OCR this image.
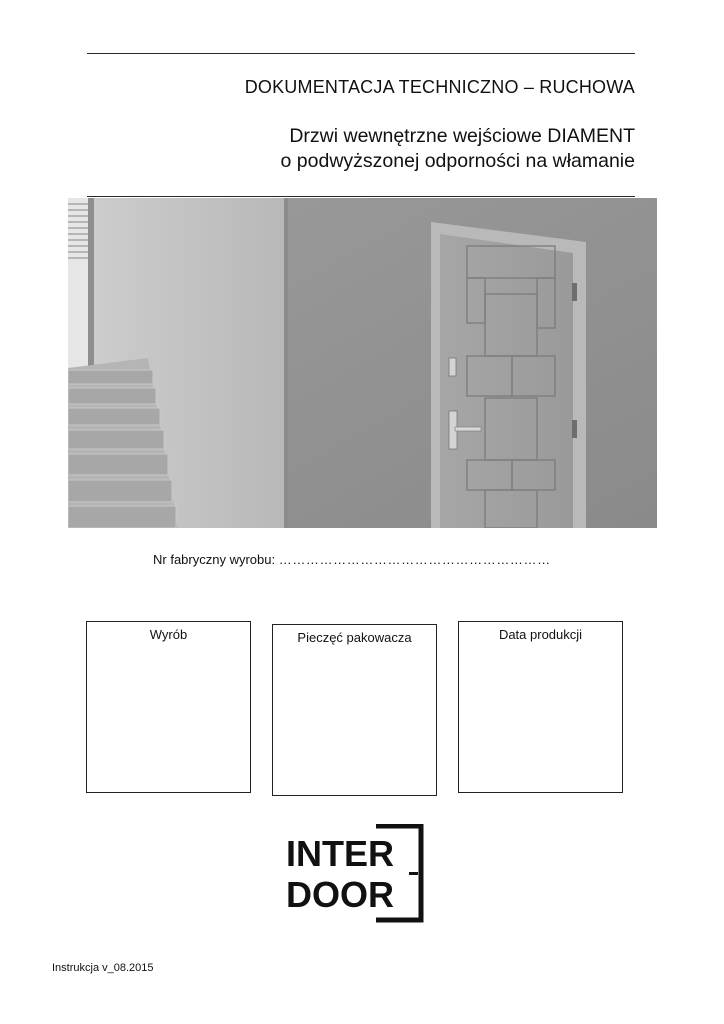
DOKUMENTACJA TECHNICZNO – RUCHOWA
Drzwi wewnętrzne wejściowe DIAMENT
o podwyższonej odporności na włamanie
Nr fabryczny wyrobu: ……………………………………………………
Wyrób	Pieczęć pakowacza	Data produkcji
INTER
DOOR
Instrukcja v_08.2015
